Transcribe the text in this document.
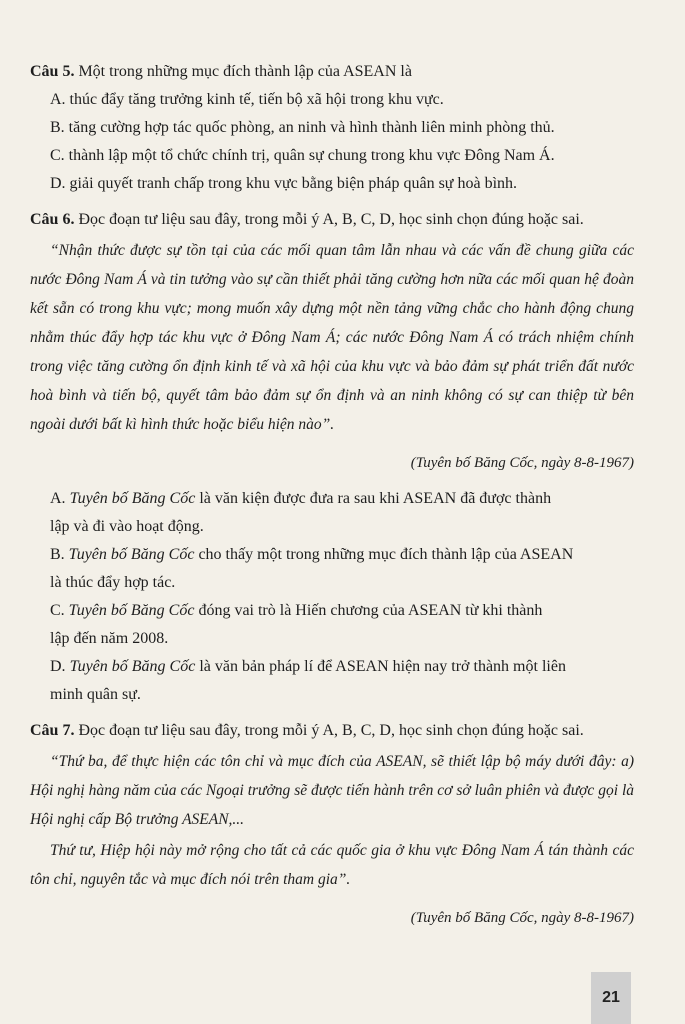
Câu 5. Một trong những mục đích thành lập của ASEAN là

A. thúc đẩy tăng trưởng kinh tế, tiến bộ xã hội trong khu vực.

B. tăng cường hợp tác quốc phòng, an ninh và hình thành liên minh phòng thủ.

C. thành lập một tổ chức chính trị, quân sự chung trong khu vực Đông Nam Á.

D. giải quyết tranh chấp trong khu vực bằng biện pháp quân sự hoà bình.

Câu 6. Đọc đoạn tư liệu sau đây, trong mỗi ý A, B, C, D, học sinh chọn đúng hoặc sai.

“Nhận thức được sự tồn tại của các mối quan tâm lẫn nhau và các vấn đề chung giữa các nước Đông Nam Á và tin tưởng vào sự cần thiết phải tăng cường hơn nữa các mối quan hệ đoàn kết sẵn có trong khu vực; mong muốn xây dựng một nền tảng vững chắc cho hành động chung nhằm thúc đẩy hợp tác khu vực ở Đông Nam Á; các nước Đông Nam Á có trách nhiệm chính trong việc tăng cường ổn định kinh tế và xã hội của khu vực và bảo đảm sự phát triển đất nước hoà bình và tiến bộ, quyết tâm bảo đảm sự ổn định và an ninh không có sự can thiệp từ bên ngoài dưới bất kì hình thức hoặc biểu hiện nào”.

(Tuyên bố Băng Cốc, ngày 8-8-1967)

A. Tuyên bố Băng Cốc là văn kiện được đưa ra sau khi ASEAN đã được thành
lập và đi vào hoạt động.

B. Tuyên bố Băng Cốc cho thấy một trong những mục đích thành lập của ASEAN
là thúc đẩy hợp tác.

C. Tuyên bố Băng Cốc đóng vai trò là Hiến chương của ASEAN từ khi thành
lập đến năm 2008.

D. Tuyên bố Băng Cốc là văn bản pháp lí để ASEAN hiện nay trở thành một liên
minh quân sự.

Câu 7. Đọc đoạn tư liệu sau đây, trong mỗi ý A, B, C, D, học sinh chọn đúng hoặc sai.

“Thứ ba, để thực hiện các tôn chỉ và mục đích của ASEAN, sẽ thiết lập bộ máy dưới đây: a) Hội nghị hàng năm của các Ngoại trưởng sẽ được tiến hành trên cơ sở luân phiên và được gọi là Hội nghị cấp Bộ trưởng ASEAN,...

Thứ tư, Hiệp hội này mở rộng cho tất cả các quốc gia ở khu vực Đông Nam Á tán thành các tôn chỉ, nguyên tắc và mục đích nói trên tham gia”.

(Tuyên bố Băng Cốc, ngày 8-8-1967)

21
